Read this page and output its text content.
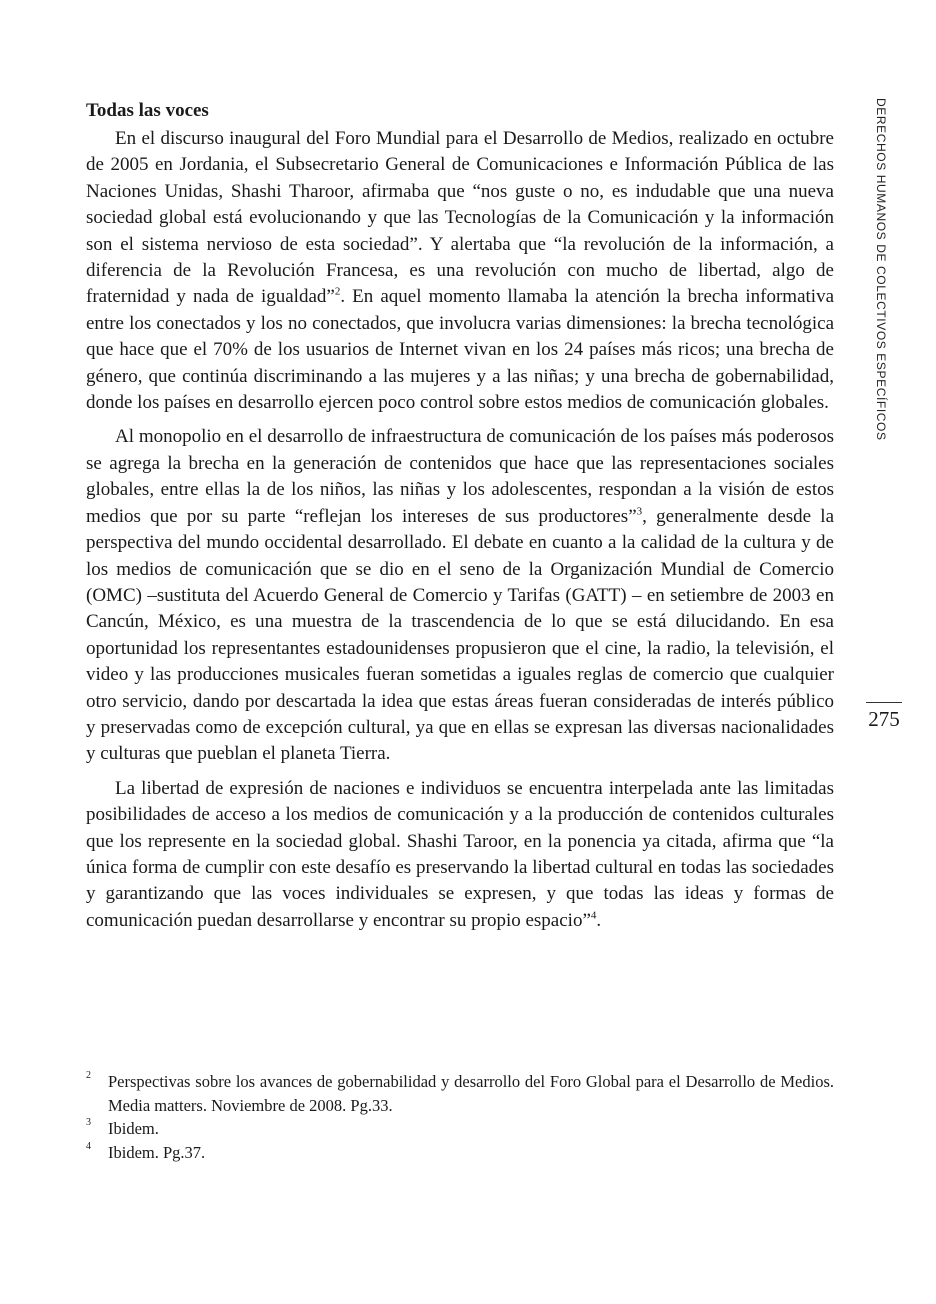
DERECHOS HUMANOS DE COLECTIVOS ESPECÍFICOS
275
Todas las voces

En el discurso inaugural del Foro Mundial para el Desarrollo de Medios, realizado en octubre de 2005 en Jordania, el Subsecretario General de Comunicaciones e Información Pública de las Naciones Unidas, Shashi Tharoor, afirmaba que “nos guste o no, es indudable que una nueva sociedad global está evolucionando y que las Tecnologías de la Comunicación y la información son el sistema nervioso de esta sociedad”. Y alertaba que “la revolución de la información, a diferencia de la Revolución Francesa, es una revolución con mucho de libertad, algo de fraternidad y nada de igualdad”$^2$. En aquel momento llamaba la atención la brecha informativa entre los conectados y los no conectados, que involucra varias dimensiones: la brecha tecnológica que hace que el 70% de los usuarios de Internet vivan en los 24 países más ricos; una brecha de género, que continúa discriminando a las mujeres y a las niñas; y una brecha de gobernabilidad, donde los países en desarrollo ejercen poco control sobre estos medios de comunicación globales.

Al monopolio en el desarrollo de infraestructura de comunicación de los países más poderosos se agrega la brecha en la generación de contenidos que hace que las representaciones sociales globales, entre ellas la de los niños, las niñas y los adolescentes, respondan a la visión de estos medios que por su parte “reflejan los intereses de sus productores”$^3$, generalmente desde la perspectiva del mundo occidental desarrollado. El debate en cuanto a la calidad de la cultura y de los medios de comunicación que se dio en el seno de la Organización Mundial de Comercio (OMC) –sustituta del Acuerdo General de Comercio y Tarifas (GATT) – en setiembre de 2003 en Cancún, México, es una muestra de la trascendencia de lo que se está dilucidando. En esa oportunidad los representantes estadounidenses propusieron que el cine, la radio, la televisión, el video y las producciones musicales fueran sometidas a iguales reglas de comercio que cualquier otro servicio, dando por descartada la idea que estas áreas fueran consideradas de interés público y preservadas como de excepción cultural, ya que en ellas se expresan las diversas nacionalidades y culturas que pueblan el planeta Tierra.

La libertad de expresión de naciones e individuos se encuentra interpelada ante las limitadas posibilidades de acceso a los medios de comunicación y a la producción de contenidos culturales que los represente en la sociedad global. Shashi Taroor, en la ponencia ya citada, afirma que “la única forma de cumplir con este desafío es preservando la libertad cultural en todas las sociedades y garantizando que las voces individuales se expresen, y que todas las ideas y formas de comunicación puedan desarrollarse y encontrar su propio espacio”$^4$.

2 Perspectivas sobre los avances de gobernabilidad y desarrollo del Foro Global para el Desarrollo de Medios. Media matters. Noviembre de 2008. Pg.33.
3 Ibidem.
4 Ibidem. Pg.37.
